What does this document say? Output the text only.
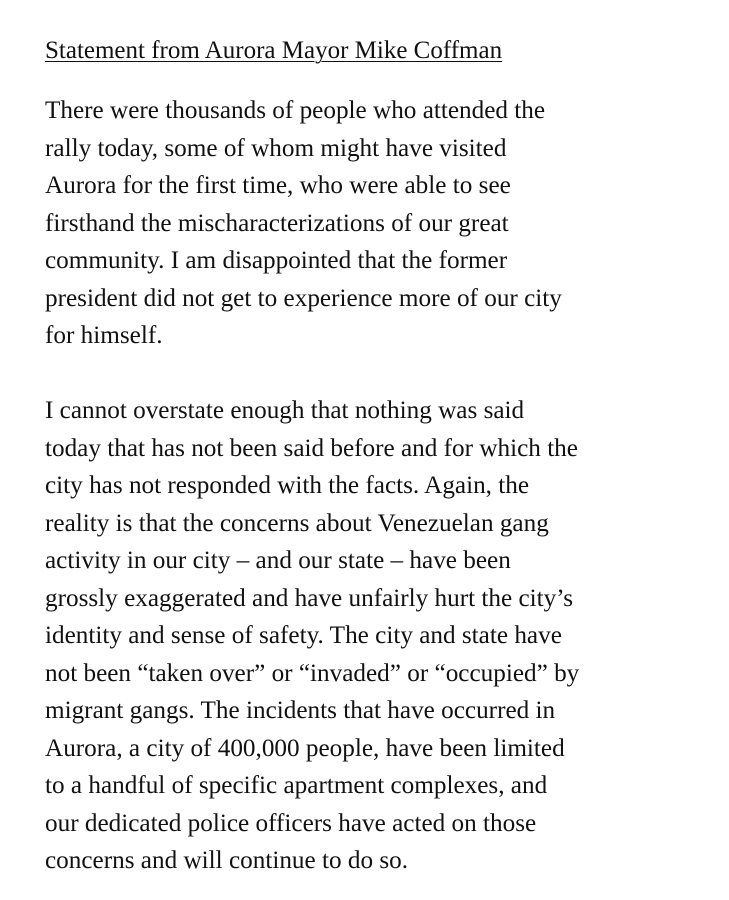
Statement from Aurora Mayor Mike Coffman

There were thousands of people who attended the

rally today, some of whom might have visited

Aurora for the first time, who were able to see

firsthand the mischaracterizations of our great

community. I am disappointed that the former

president did not get to experience more of our city

for himself.

I cannot overstate enough that nothing was said

today that has not been said before and for which the

city has not responded with the facts. Again, the

reality is that the concerns about Venezuelan gang

activity in our city – and our state – have been

grossly exaggerated and have unfairly hurt the city’s

identity and sense of safety. The city and state have

not been “taken over” or “invaded” or “occupied” by

migrant gangs. The incidents that have occurred in

Aurora, a city of 400,000 people, have been limited

to a handful of specific apartment complexes, and

our dedicated police officers have acted on those

concerns and will continue to do so.
